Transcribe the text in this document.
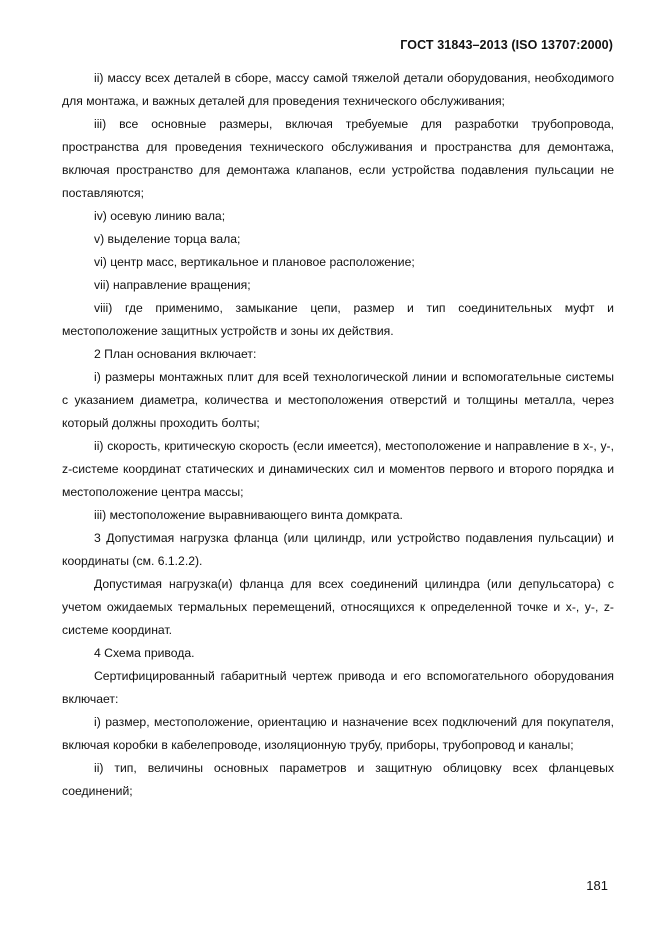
ГОСТ 31843–2013 (ISO 13707:2000)

ii) массу всех деталей в сборе, массу самой тяжелой детали оборудования, необходимого для монтажа, и важных деталей для проведения технического обслуживания;

iii) все основные размеры, включая требуемые для разработки трубопровода, пространства для проведения технического обслуживания и пространства для демонтажа, включая пространство для демонтажа клапанов, если устройства подавления пульсации не поставляются;

iv) осевую линию вала;

v) выделение торца вала;

vi) центр масс, вертикальное и плановое расположение;

vii) направление вращения;

viii) где применимо, замыкание цепи, размер и тип соединительных муфт и местоположение защитных устройств и зоны их действия.

2 План основания включает:

i) размеры монтажных плит для всей технологической линии и вспомогательные системы с указанием диаметра, количества и местоположения отверстий и толщины металла, через который должны проходить болты;

ii) скорость, критическую скорость (если имеется), местоположение и направление в x-, y-, z-системе координат статических и динамических сил и моментов первого и второго порядка и местоположение центра массы;

iii) местоположение выравнивающего винта домкрата.

3 Допустимая нагрузка фланца (или цилиндр, или устройство подавления пульсации) и координаты (см. 6.1.2.2).

Допустимая нагрузка(и) фланца для всех соединений цилиндра (или депульсатора) с учетом ожидаемых термальных перемещений, относящихся к определенной точке и x-, y-, z-системе координат.

4 Схема привода.

Сертифицированный габаритный чертеж привода и его вспомогательного оборудования включает:

i) размер, местоположение, ориентацию и назначение всех подключений для покупателя, включая коробки в кабелепроводе, изоляционную трубу, приборы, трубопровод и каналы;

ii) тип, величины основных параметров и защитную облицовку всех фланцевых соединений;

181
